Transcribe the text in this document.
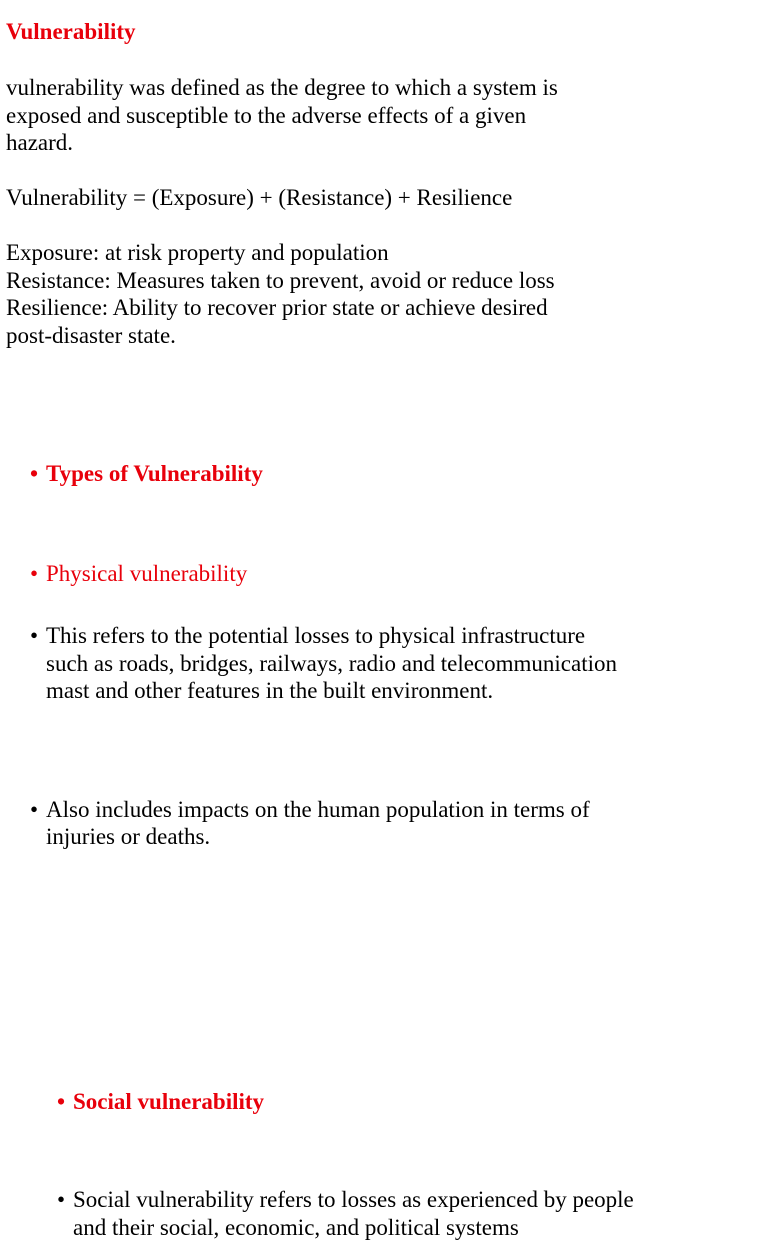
Vulnerability
vulnerability was defined as the degree to which a system is
exposed and susceptible to the adverse effects of a given
hazard.
Vulnerability = (Exposure) + (Resistance) + Resilience
Exposure: at risk property and population
Resistance: Measures taken to prevent, avoid or reduce loss
Resilience: Ability to recover prior state or achieve desired
post-disaster state.
• Types of Vulnerability
• Physical vulnerability
• This refers to the potential losses to physical infrastructure
such as roads, bridges, railways, radio and telecommunication
mast and other features in the built environment.
• Also includes impacts on the human population in terms of
injuries or deaths.
• Social vulnerability
• Social vulnerability refers to losses as experienced by people
and their social, economic, and political systems
